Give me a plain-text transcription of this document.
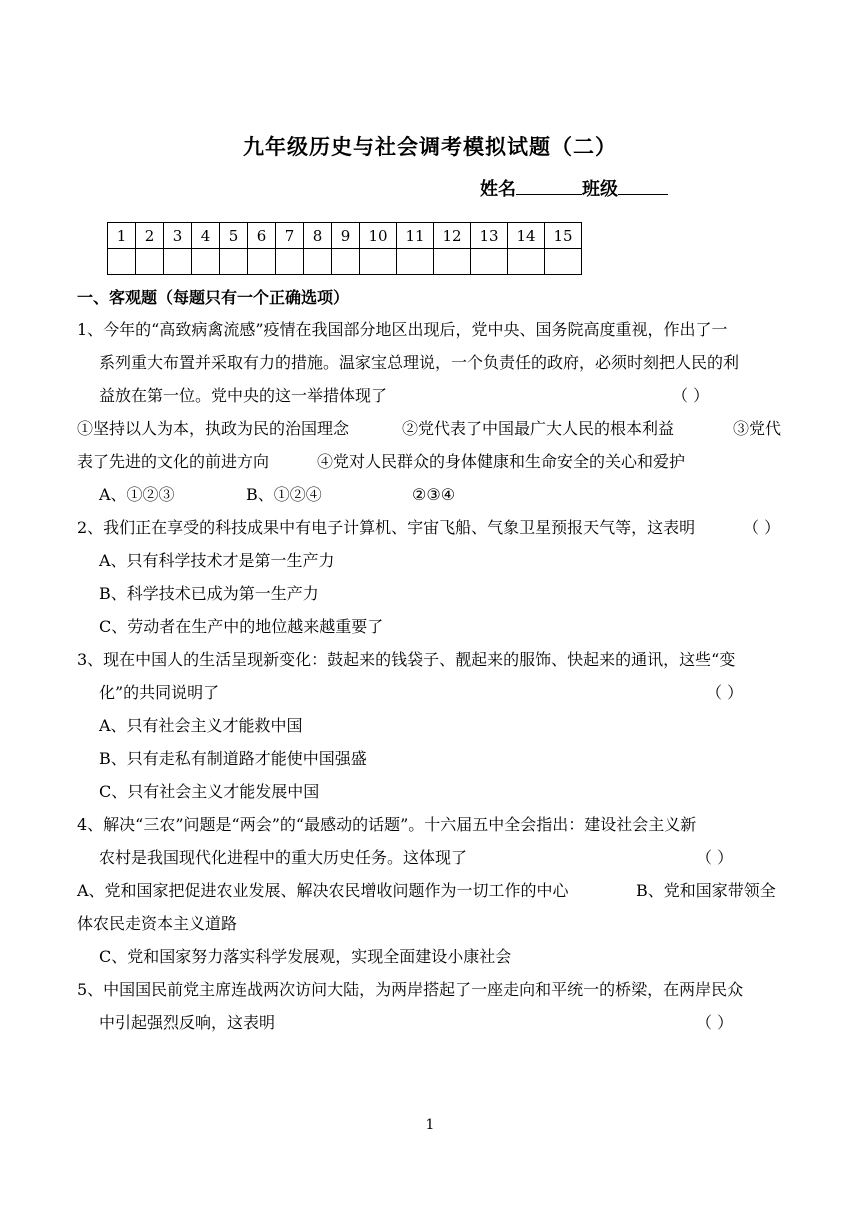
九年级历史与社会调考模拟试题（二）
姓名	班级
1	2	3	4	5	6	7	8	9	10	11	12	13	14	15

一、客观题（每题只有一个正确选项）
1、今年的“高致病禽流感”疫情在我国部分地区出现后，党中央、国务院高度重视，作出了一
系列重大布置并采取有力的措施。温家宝总理说，一个负责任的政府，必须时刻把人民的利
益放在第一位。党中央的这一举措体现了	（ ）
①坚持以人为本，执政为民的治国理念	②党代表了中国最广大人民的根本利益	③党代
表了先进的文化的前进方向	④党对人民群众的身体健康和生命安全的关心和爱护
A、①②③	B、①②④	②③④
2、我们正在享受的科技成果中有电子计算机、宇宙飞船、气象卫星预报天气等，这表明	（ ）
A、只有科学技术才是第一生产力
B、科学技术已成为第一生产力
C、劳动者在生产中的地位越来越重要了
3、现在中国人的生活呈现新变化：鼓起来的钱袋子、靓起来的服饰、快起来的通讯，这些“变
化”的共同说明了	（ ）
A、只有社会主义才能救中国
B、只有走私有制道路才能使中国强盛
C、只有社会主义才能发展中国
4、解决“三农”问题是“两会”的“最感动的话题”。十六届五中全会指出：建设社会主义新
农村是我国现代化进程中的重大历史任务。这体现了	（ ）
A、党和国家把促进农业发展、解决农民增收问题作为一切工作的中心	B、党和国家带领全
体农民走资本主义道路
C、党和国家努力落实科学发展观，实现全面建设小康社会
5、中国国民前党主席连战两次访问大陆，为两岸搭起了一座走向和平统一的桥梁，在两岸民众
中引起强烈反响，这表明	（ ）
1
